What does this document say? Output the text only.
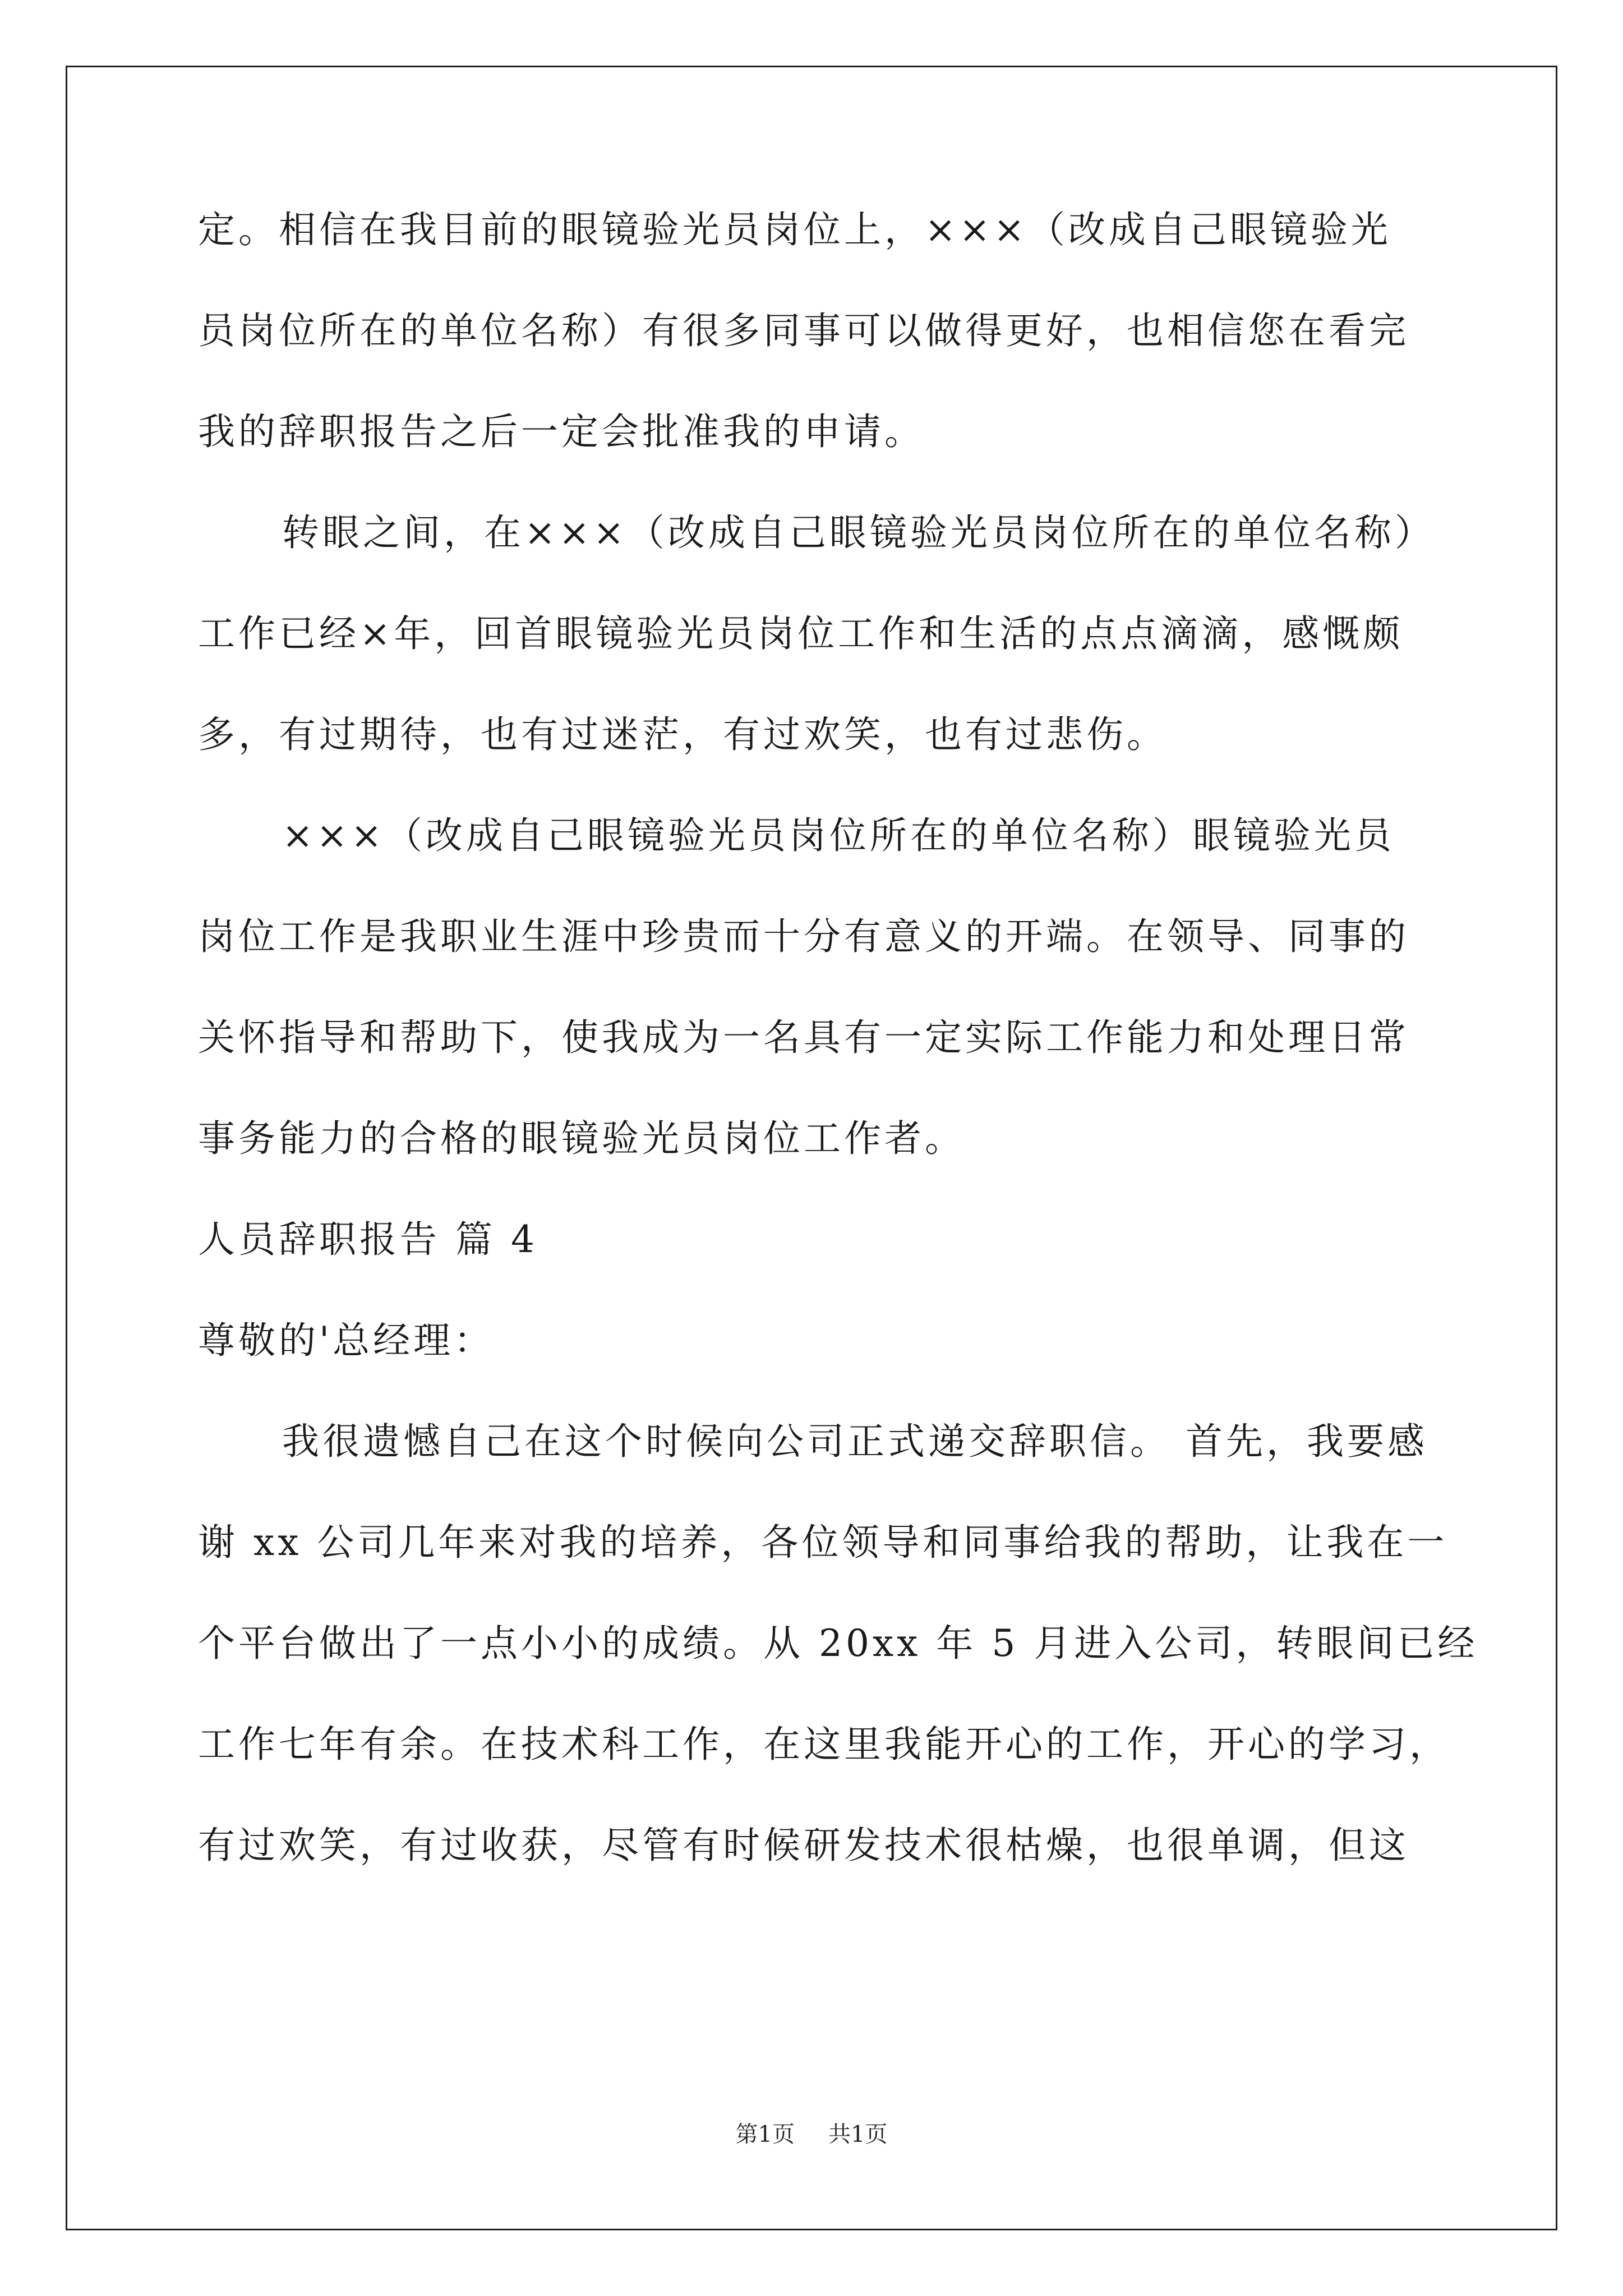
定。相信在我目前的眼镜验光员岗位上，×××（改成自己眼镜验光
员岗位所在的单位名称）有很多同事可以做得更好，也相信您在看完
我的辞职报告之后一定会批准我的申请。
转眼之间，在×××（改成自己眼镜验光员岗位所在的单位名称）
工作已经×年，回首眼镜验光员岗位工作和生活的点点滴滴，感慨颇
多，有过期待，也有过迷茫，有过欢笑，也有过悲伤。
×××（改成自己眼镜验光员岗位所在的单位名称）眼镜验光员
岗位工作是我职业生涯中珍贵而十分有意义的开端。在领导、同事的
关怀指导和帮助下，使我成为一名具有一定实际工作能力和处理日常
事务能力的合格的眼镜验光员岗位工作者。
人员辞职报告 篇 4
尊敬的'总经理：
我很遗憾自己在这个时候向公司正式递交辞职信。 首先，我要感
谢 xx 公司几年来对我的培养，各位领导和同事给我的帮助，让我在一
个平台做出了一点小小的成绩。从 20xx 年 5 月进入公司，转眼间已经
工作七年有余。在技术科工作，在这里我能开心的工作，开心的学习，
有过欢笑，有过收获，尽管有时候研发技术很枯燥，也很单调，但这
第1页 共1页
